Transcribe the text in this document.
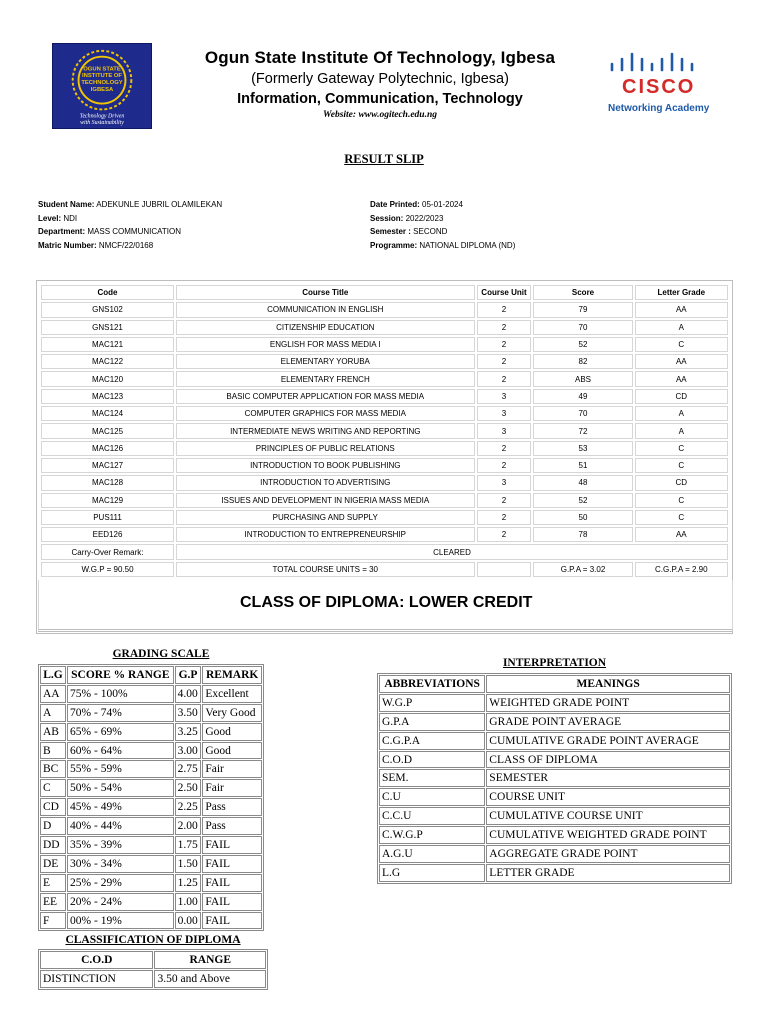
OGUN STATE
INSTITUTE OF
TECHNOLOGY
IGBESA
Technology Driven
with Sustainability
Ogun State Institute Of Technology, Igbesa
(Formerly Gateway Polytechnic, Igbesa)
Information, Communication, Technology
Website: www.ogitech.edu.ng
CISCO
Networking Academy
RESULT SLIP
Student Name: ADEKUNLE JUBRIL OLAMILEKAN
Level: NDI
Department: MASS COMMUNICATION
Matric Number: NMCF/22/0168
Date Printed: 05-01-2024
Session: 2022/2023
Semester : SECOND
Programme: NATIONAL DIPLOMA (ND)
Code	Course Title	Course Unit	Score	Letter Grade
GNS102	COMMUNICATION IN ENGLISH	2	79	AA
GNS121	CITIZENSHIP EDUCATION	2	70	A
MAC121	ENGLISH FOR MASS MEDIA I	2	52	C
MAC122	ELEMENTARY YORUBA	2	82	AA
MAC120	ELEMENTARY FRENCH	2	ABS	AA
MAC123	BASIC COMPUTER APPLICATION FOR MASS MEDIA	3	49	CD
MAC124	COMPUTER GRAPHICS FOR MASS MEDIA	3	70	A
MAC125	INTERMEDIATE NEWS WRITING AND REPORTING	3	72	A
MAC126	PRINCIPLES OF PUBLIC RELATIONS	2	53	C
MAC127	INTRODUCTION TO BOOK PUBLISHING	2	51	C
MAC128	INTRODUCTION TO ADVERTISING	3	48	CD
MAC129	ISSUES AND DEVELOPMENT IN NIGERIA MASS MEDIA	2	52	C
PUS111	PURCHASING AND SUPPLY	2	50	C
EED126	INTRODUCTION TO ENTREPRENEURSHIP	2	78	AA
Carry-Over Remark:	CLEARED			
W.G.P = 90.50	TOTAL COURSE UNITS = 30		G.P.A = 3.02	C.G.P.A = 2.90
CLASS OF DIPLOMA: LOWER CREDIT
GRADING SCALE
L.G	SCORE % RANGE	G.P	REMARK
AA	75% - 100%	4.00	Excellent
A	70% - 74%	3.50	Very Good
AB	65% - 69%	3.25	Good
B	60% - 64%	3.00	Good
BC	55% - 59%	2.75	Fair
C	50% - 54%	2.50	Fair
CD	45% - 49%	2.25	Pass
D	40% - 44%	2.00	Pass
DD	35% - 39%	1.75	FAIL
DE	30% - 34%	1.50	FAIL
E	25% - 29%	1.25	FAIL
EE	20% - 24%	1.00	FAIL
F	00% - 19%	0.00	FAIL
CLASSIFICATION OF DIPLOMA
C.O.D	RANGE
DISTINCTION	3.50 and Above
INTERPRETATION
ABBREVIATIONS	MEANINGS
W.G.P	WEIGHTED GRADE POINT
G.P.A	GRADE POINT AVERAGE
C.G.P.A	CUMULATIVE GRADE POINT AVERAGE
C.O.D	CLASS OF DIPLOMA
SEM.	SEMESTER
C.U	COURSE UNIT
C.C.U	CUMULATIVE COURSE UNIT
C.W.G.P	CUMULATIVE WEIGHTED GRADE POINT
A.G.U	AGGREGATE GRADE POINT
L.G	LETTER GRADE
